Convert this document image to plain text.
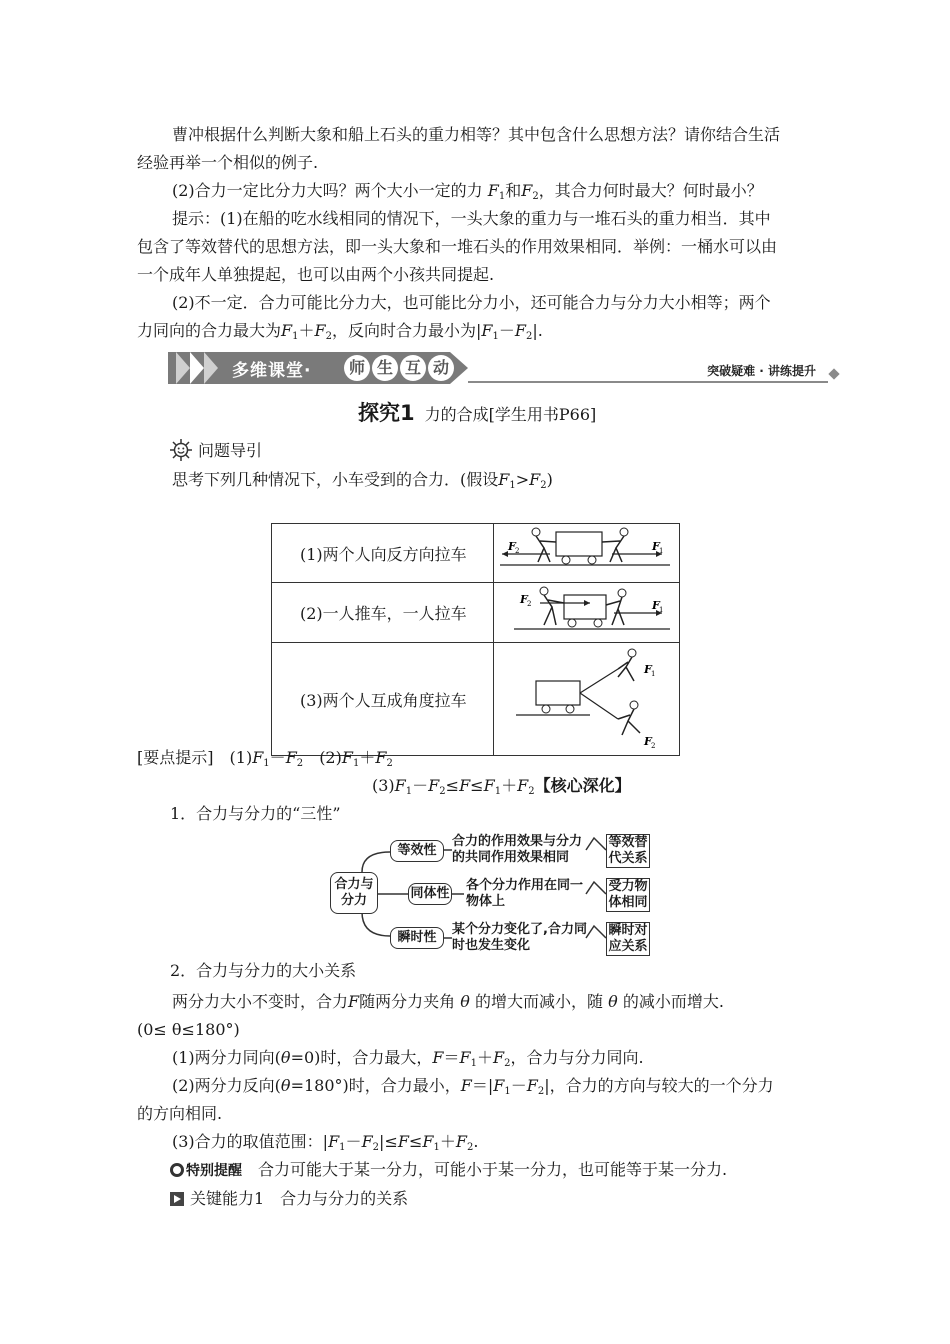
曹冲根据什么判断大象和船上石头的重力相等？其中包含什么思想方法？请你结合生活
经验再举一个相似的例子.
(2)合力一定比分力大吗？两个大小一定的力 $F_1$和$F_2$，其合力何时最大？何时最小？
提示：(1)在船的吃水线相同的情况下，一头大象的重力与一堆石头的重力相当．其中
包含了等效替代的思想方法，即一头大象和一堆石头的作用效果相同．举例：一桶水可以由
一个成年人单独提起，也可以由两个小孩共同提起.
(2)不一定．合力可能比分力大，也可能比分力小，还可能合力与分力大小相等；两个
力同向的合力最大为$F_1+F_2$，反向时合力最小为$|F_1-F_2|$.
多维课堂·	师 生 互 动	突破疑难 · 讲练提升
探究1 力的合成[学生用书P66]
问题导引
思考下列几种情况下，小车受到的合力．(假设$F_1>F_2$)
(1)两个人向反方向拉车	F 2 F 1

(2)一人推车，一人拉车	F 2 F 1

(3)两个人互成角度拉车	F 1
F 2
[要点提示]　 $(1)F_1-F_2$　 $(2)F_1+F_2$
$(3)F_1-F_2\le F\le F_1+F_2$【核心深化】
1．合力与分力的“三性”
合力与分力
等效性
合力的作用效果与分力的共同作用效果相同
等效替代关系
同体性
各个分力作用在同一物体上
受力物体相同
瞬时性
某个分力变化了,合力同时也发生变化
瞬时对应关系
2．合力与分力的大小关系
两分力大小不变时，合力F随两分力夹角 θ 的增大而减小，随 θ 的减小而增大.
(0≤ θ≤180°)
(1)两分力同向(θ=0)时，合力最大，$F=F_1+F_2$，合力与分力同向.
(2)两分力反向(θ=180°)时，合力最小，$F=|F_1-F_2|$，合力的方向与较大的一个分力
的方向相同.
(3)合力的取值范围：$|F_1-F_2|\le F\le F_1+F_2$.
特别提醒　 合力可能大于某一分力，可能小于某一分力，也可能等于某一分力.
关键能力1　合力与分力的关系
